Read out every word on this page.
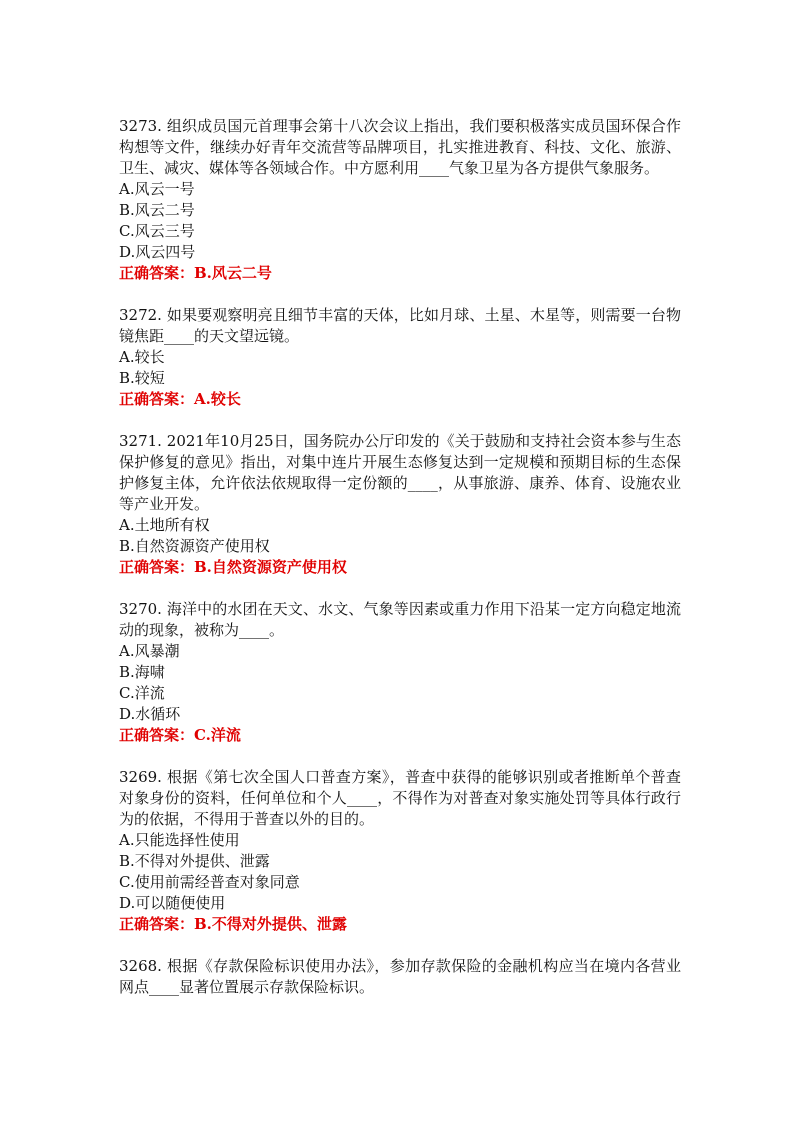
3273. 组织成员国元首理事会第十八次会议上指出，我们要积极落实成员国环保合作构想等文件，继续办好青年交流营等品牌项目，扎实推进教育、科技、文化、旅游、卫生、减灾、媒体等各领域合作。中方愿利用____气象卫星为各方提供气象服务。

A.风云一号

B.风云二号

C.风云三号

D.风云四号

正确答案：B.风云二号

3272. 如果要观察明亮且细节丰富的天体，比如月球、土星、木星等，则需要一台物镜焦距____的天文望远镜。

A.较长

B.较短

正确答案：A.较长

3271. 2021年10月25日，国务院办公厅印发的《关于鼓励和支持社会资本参与生态保护修复的意见》指出，对集中连片开展生态修复达到一定规模和预期目标的生态保护修复主体，允许依法依规取得一定份额的____，从事旅游、康养、体育、设施农业等产业开发。

A.土地所有权

B.自然资源资产使用权

正确答案：B.自然资源资产使用权

3270. 海洋中的水团在天文、水文、气象等因素或重力作用下沿某一定方向稳定地流动的现象，被称为____。

A.风暴潮

B.海啸

C.洋流

D.水循环

正确答案：C.洋流

3269. 根据《第七次全国人口普查方案》，普查中获得的能够识别或者推断单个普查对象身份的资料，任何单位和个人____，不得作为对普查对象实施处罚等具体行政行为的依据，不得用于普查以外的目的。

A.只能选择性使用

B.不得对外提供、泄露

C.使用前需经普查对象同意

D.可以随便使用

正确答案：B.不得对外提供、泄露

3268. 根据《存款保险标识使用办法》，参加存款保险的金融机构应当在境内各营业网点____显著位置展示存款保险标识。
